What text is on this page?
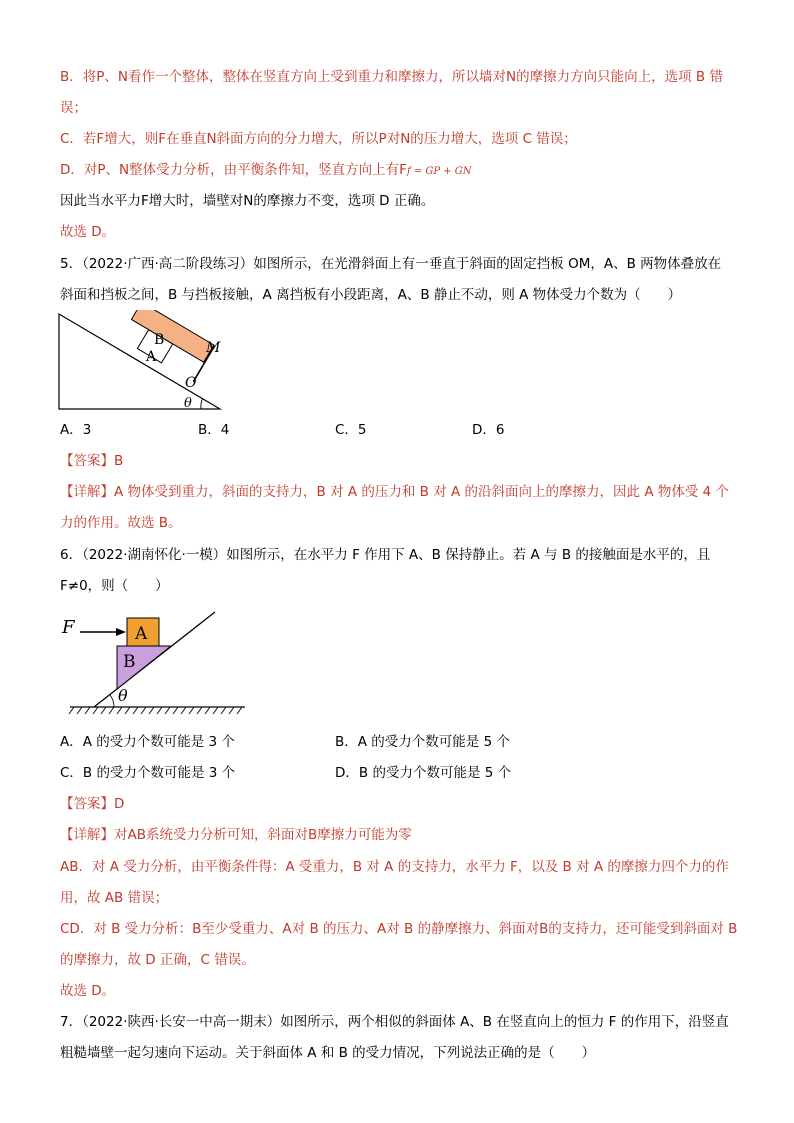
B．将P、N看作一个整体，整体在竖直方向上受到重力和摩擦力，所以墙对N的摩擦力方向只能向上，选项 B 错
误；
C．若F增大，则F在垂直N斜面方向的分力增大，所以P对N的压力增大，选项 C 错误；
D．对P、N整体受力分析，由平衡条件知，竖直方向上有Ff = GP + GN
因此当水平力F增大时，墙壁对N的摩擦力不变，选项 D 正确。
故选 D。
5．（2022·广西·高二阶段练习）如图所示，在光滑斜面上有一垂直于斜面的固定挡板 OM，A、B 两物体叠放在
斜面和挡板之间，B 与挡板接触，A 离挡板有小段距离，A、B 静止不动，则 A 物体受力个数为（　　）
B
A
M
O
θ
A．3	B．4	C．5	D．6
【答案】B
【详解】A 物体受到重力，斜面的支持力，B 对 A 的压力和 B 对 A 的沿斜面向上的摩擦力，因此 A 物体受 4 个
力的作用。故选 B。
6．（2022·湖南怀化·一模）如图所示，在水平力 F 作用下 A、B 保持静止。若 A 与 B 的接触面是水平的，且
F≠0，则（　　）
F	A
B
θ
A．A 的受力个数可能是 3 个	B．A 的受力个数可能是 5 个
C．B 的受力个数可能是 3 个	D．B 的受力个数可能是 5 个
【答案】D
【详解】对AB系统受力分析可知，斜面对B摩擦力可能为零
AB．对 A 受力分析，由平衡条件得：A 受重力，B 对 A 的支持力，水平力 F，以及 B 对 A 的摩擦力四个力的作
用，故 AB 错误；
CD．对 B 受力分析：B至少受重力、A对 B 的压力、A对 B 的静摩擦力、斜面对B的支持力，还可能受到斜面对 B
的摩擦力，故 D 正确，C 错误。
故选 D。
7．（2022·陕西·长安一中高一期末）如图所示，两个相似的斜面体 A、B 在竖直向上的恒力 F 的作用下，沿竖直
粗糙墙壁一起匀速向下运动。关于斜面体 A 和 B 的受力情况，下列说法正确的是（　　）
